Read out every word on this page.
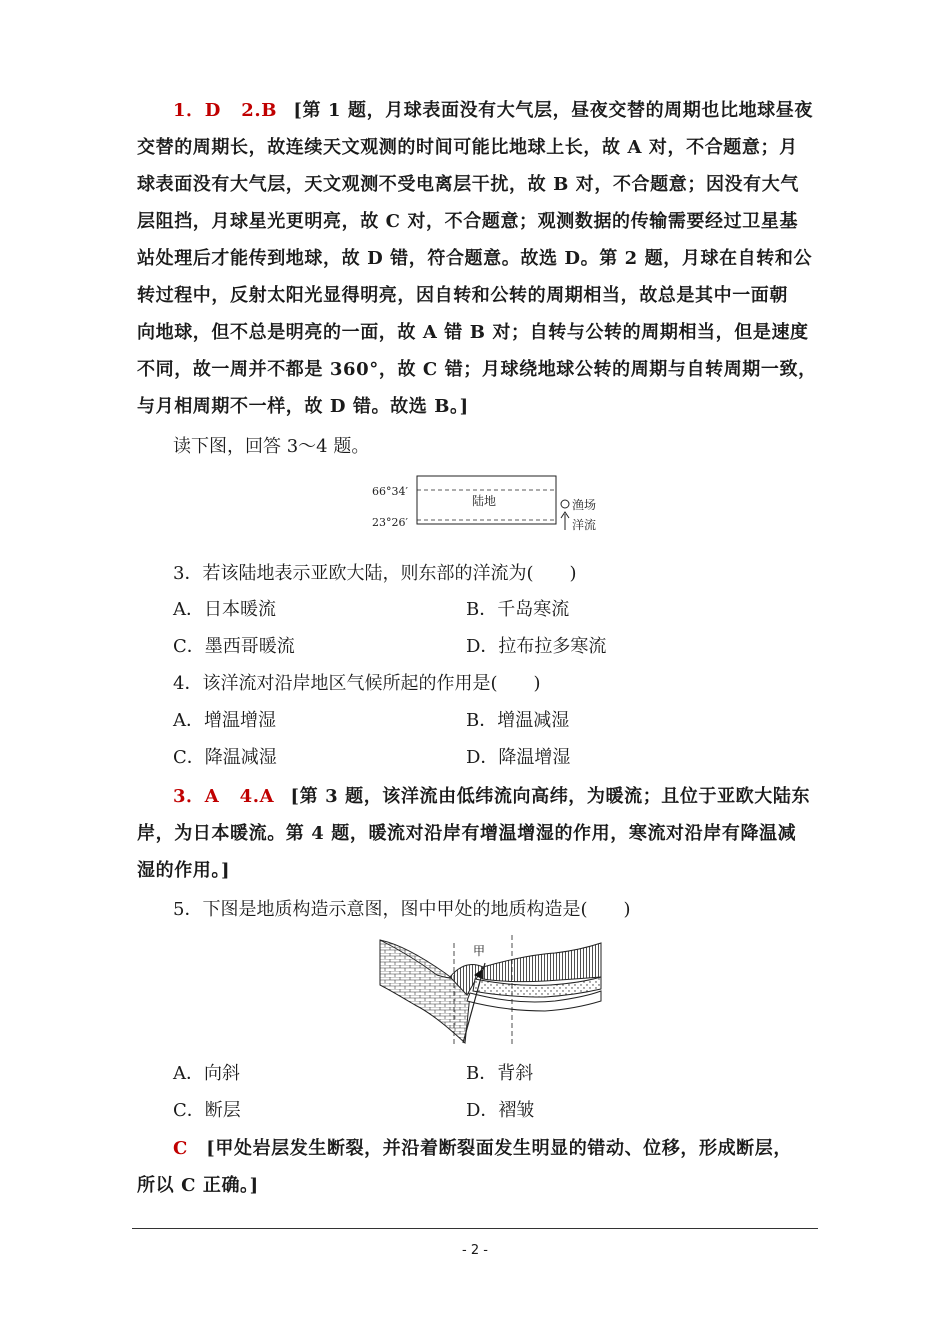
1．D 2.B [第 1 题，月球表面没有大气层，昼夜交替的周期也比地球昼夜
交替的周期长，故连续天文观测的时间可能比地球上长，故 A 对，不合题意；月
球表面没有大气层，天文观测不受电离层干扰，故 B 对，不合题意；因没有大气
层阻挡，月球星光更明亮，故 C 对，不合题意；观测数据的传输需要经过卫星基
站处理后才能传到地球，故 D 错，符合题意。故选 D。第 2 题，月球在自转和公
转过程中，反射太阳光显得明亮，因自转和公转的周期相当，故总是其中一面朝
向地球，但不总是明亮的一面，故 A 错 B 对；自转与公转的周期相当，但是速度
不同，故一周并不都是 360°，故 C 错；月球绕地球公转的周期与自转周期一致，
与月相周期不一样，故 D 错。故选 B。]
读下图，回答 3～4 题。
66°34′
23°26′
陆地	渔场
洋流
3．若该陆地表示亚欧大陆，则东部的洋流为(　　)
A．日本暖流	B．千岛寒流
C．墨西哥暖流	D．拉布拉多寒流
4．该洋流对沿岸地区气候所起的作用是(　　)
A．增温增湿	B．增温减湿
C．降温减湿	D．降温增湿
3．A 4.A [第 3 题，该洋流由低纬流向高纬，为暖流；且位于亚欧大陆东
岸，为日本暖流。第 4 题，暖流对沿岸有增温增湿的作用，寒流对沿岸有降温减
湿的作用。]
5．下图是地质构造示意图，图中甲处的地质构造是(　　)
甲
A．向斜	B．背斜
C．断层	D．褶皱
C [甲处岩层发生断裂，并沿着断裂面发生明显的错动、位移，形成断层，
所以 C 正确。]
- 2 -
